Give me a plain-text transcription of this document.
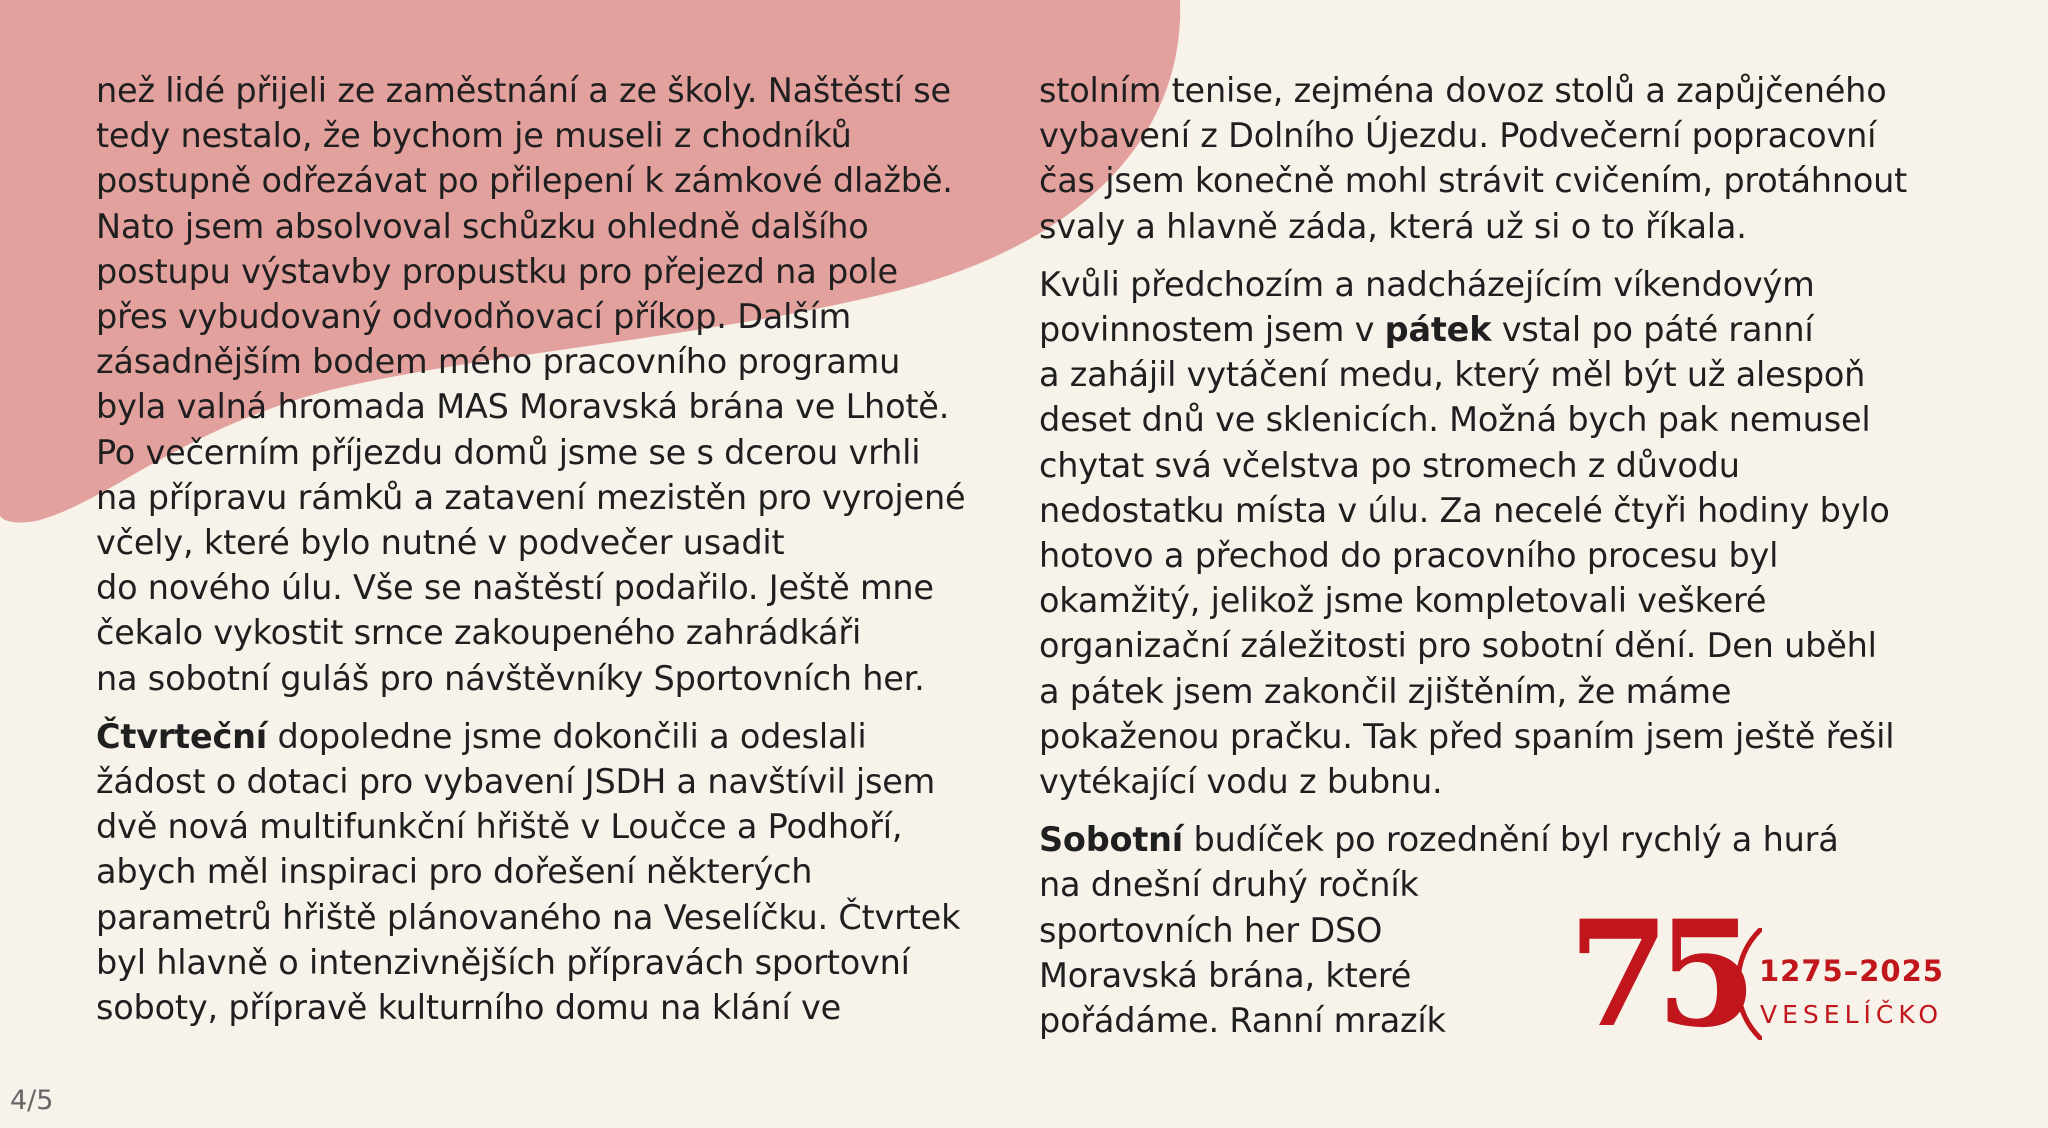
než lidé přijeli ze zaměstnání a ze školy. Naštěstí se
tedy nestalo, že bychom je museli z chodníků
postupně odřezávat po přilepení k zámkové dlažbě.
Nato jsem absolvoval schůzku ohledně dalšího
postupu výstavby propustku pro přejezd na pole
přes vybudovaný odvodňovací příkop. Dalším
zásadnějším bodem mého pracovního programu
byla valná hromada MAS Moravská brána ve Lhotě.
Po večerním příjezdu domů jsme se s dcerou vrhli
na přípravu rámků a zatavení mezistěn pro vyrojené
včely, které bylo nutné v podvečer usadit
do nového úlu. Vše se naštěstí podařilo. Ještě mne
čekalo vykostit srnce zakoupeného zahrádkáři
na sobotní guláš pro návštěvníky Sportovních her.

Čtvrteční dopoledne jsme dokončili a odeslali
žádost o dotaci pro vybavení JSDH a navštívil jsem
dvě nová multifunkční hřiště v Loučce a Podhoří,
abych měl inspiraci pro dořešení některých
parametrů hřiště plánovaného na Veselíčku. Čtvrtek
byl hlavně o intenzivnějších přípravách sportovní
soboty, přípravě kulturního domu na klání ve

stolním tenise, zejména dovoz stolů a zapůjčeného
vybavení z Dolního Újezdu. Podvečerní popracovní
čas jsem konečně mohl strávit cvičením, protáhnout
svaly a hlavně záda, která už si o to říkala.

Kvůli předchozím a nadcházejícím víkendovým
povinnostem jsem v pátek vstal po páté ranní
a zahájil vytáčení medu, který měl být už alespoň
deset dnů ve sklenicích. Možná bych pak nemusel
chytat svá včelstva po stromech z důvodu
nedostatku místa v úlu. Za necelé čtyři hodiny bylo
hotovo a přechod do pracovního procesu byl
okamžitý, jelikož jsme kompletovali veškeré
organizační záležitosti pro sobotní dění. Den uběhl
a pátek jsem zakončil zjištěním, že máme
pokaženou pračku. Tak před spaním jsem ještě řešil
vytékající vodu z bubnu.

Sobotní budíček po rozednění byl rychlý a hurá
na dnešní druhý ročník
sportovních her DSO
Moravská brána, které
pořádáme. Ranní mrazík 75 1275–2025
VESELÍČKO
4/5
